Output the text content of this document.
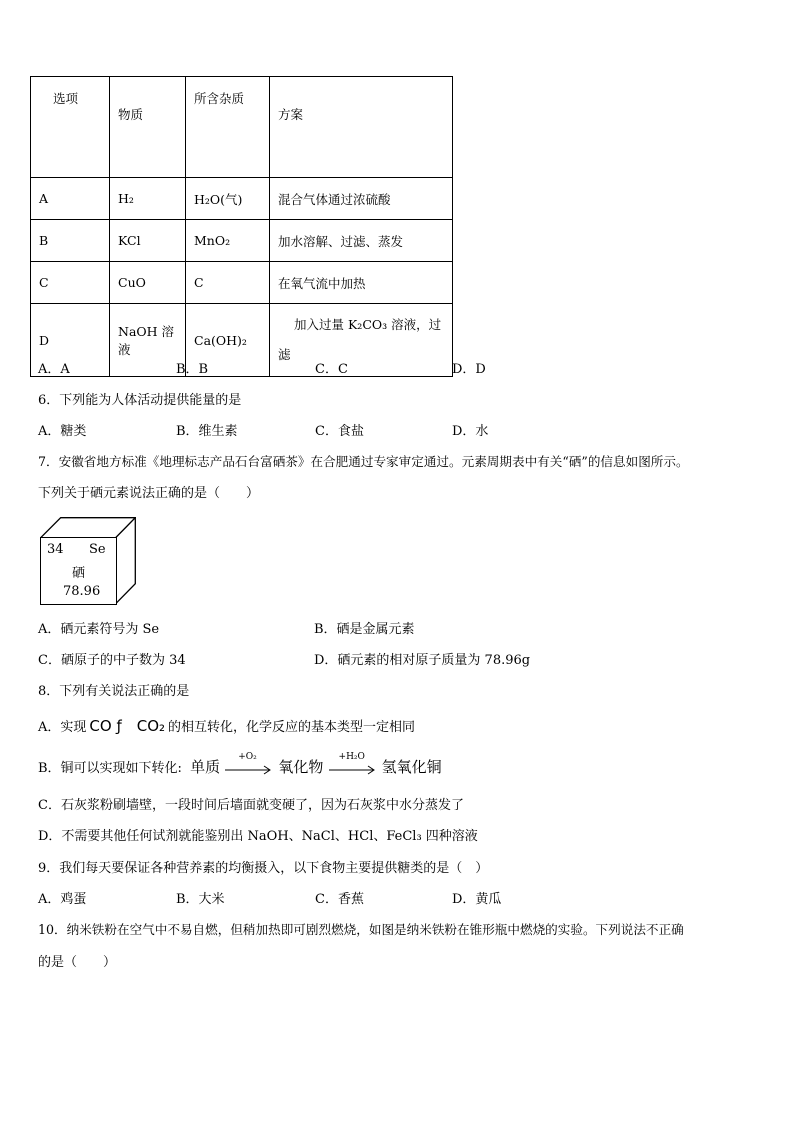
选项	物质	所含杂质	方案
A	H₂	H₂O(气)	混合气体通过浓硫酸
B	KCl	MnO₂	加水溶解、过滤、蒸发
C	CuO	C	在氧气流中加热
D	NaOH 溶液	Ca(OH)₂	加入过量 K₂CO₃ 溶液，过
滤
A．A	B．B	C．C	D．D
6．下列能为人体活动提供能量的是
A．糖类	B．维生素	C．食盐	D．水
7．安徽省地方标准《地理标志产品石台富硒茶》在合肥通过专家审定通过。元素周期表中有关“硒”的信息如图所示。
下列关于硒元素说法正确的是（　　）
34 Se
硒
78.96
A．硒元素符号为 Se	B．硒是金属元素
C．硒原子的中子数为 34	D．硒元素的相对原子质量为 78.96g
8．下列有关说法正确的是
A．实现 CO ƒ　CO₂ 的相互转化，化学反应的基本类型一定相同
B．铜可以实现如下转化: 单质
+O₂
氧化物
+H₂O
氢氧化铜
C．石灰浆粉刷墙壁，一段时间后墙面就变硬了，因为石灰浆中水分蒸发了
D．不需要其他任何试剂就能鉴别出 NaOH、NaCl、HCl、FeCl₃ 四种溶液
9．我们每天要保证各种营养素的均衡摄入，以下食物主要提供糖类的是（　）
A．鸡蛋	B．大米	C．香蕉	D．黄瓜
10．纳米铁粉在空气中不易自燃，但稍加热即可剧烈燃烧，如图是纳米铁粉在锥形瓶中燃烧的实验。下列说法不正确
的是（　　）
